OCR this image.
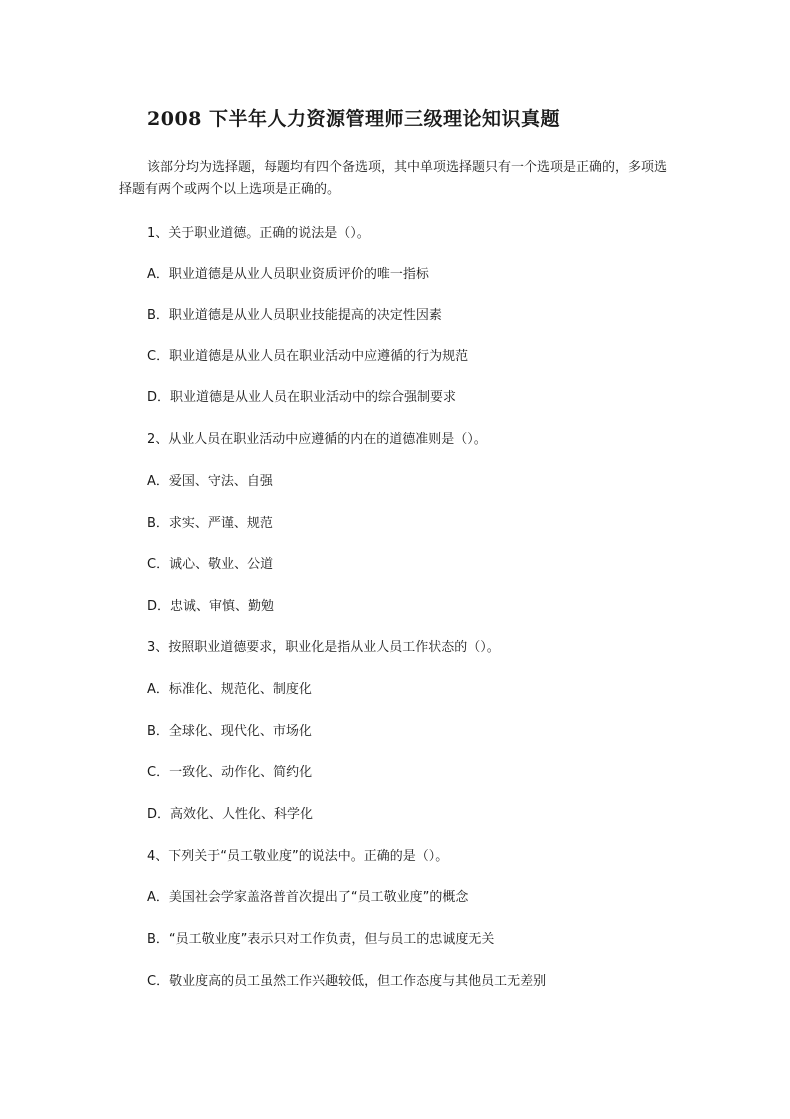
2008 下半年人力资源管理师三级理论知识真题

该部分均为选择题，每题均有四个备选项，其中单项选择题只有一个选项是正确的，多项选择题有两个或两个以上选项是正确的。

1、关于职业道德。正确的说法是（）。

A．职业道德是从业人员职业资质评价的唯一指标

B．职业道德是从业人员职业技能提高的决定性因素

C．职业道德是从业人员在职业活动中应遵循的行为规范

D．职业道德是从业人员在职业活动中的综合强制要求

2、从业人员在职业活动中应遵循的内在的道德准则是（）。

A．爱国、守法、自强

B．求实、严谨、规范

C．诚心、敬业、公道

D．忠诚、审慎、勤勉

3、按照职业道德要求，职业化是指从业人员工作状态的（）。

A．标准化、规范化、制度化

B．全球化、现代化、市场化

C．一致化、动作化、简约化

D．高效化、人性化、科学化

4、下列关于“员工敬业度”的说法中。正确的是（）。

A．美国社会学家盖洛普首次提出了“员工敬业度”的概念

B．“员工敬业度”表示只对工作负责，但与员工的忠诚度无关

C．敬业度高的员工虽然工作兴趣较低，但工作态度与其他员工无差别
